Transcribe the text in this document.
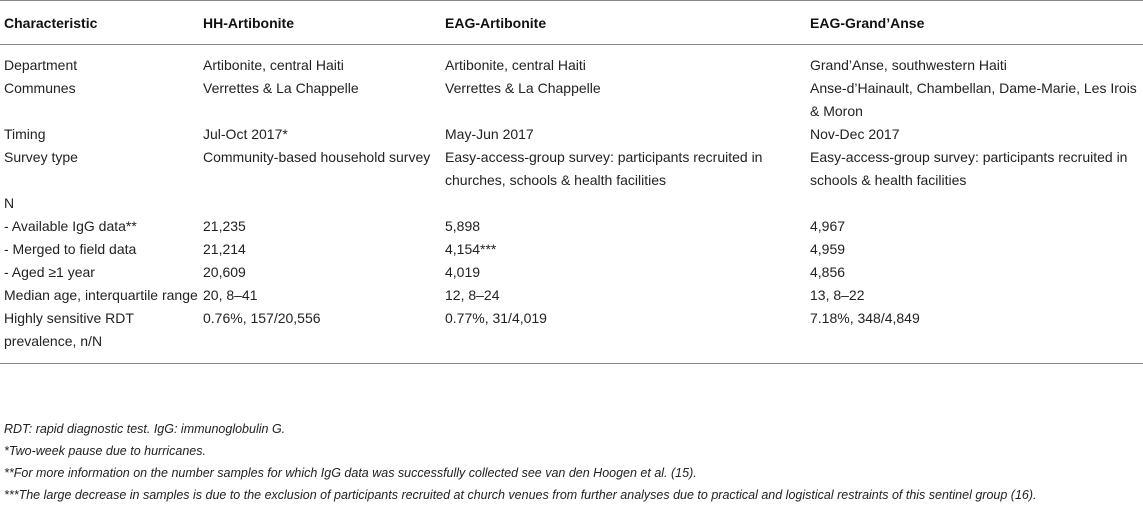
Characteristic	HH-Artibonite	EAG-Artibonite	EAG-Grand’Anse
Department	Artibonite, central Haiti	Artibonite, central Haiti	Grand’Anse, southwestern Haiti
Communes	Verrettes & La Chappelle	Verrettes & La Chappelle	Anse-d’Hainault, Chambellan, Dame-Marie, Les Irois & Moron
Timing	Jul-Oct 2017*	May-Jun 2017	Nov-Dec 2017
Survey type	Community-based household survey	Easy-access-group survey: participants recruited in churches, schools & health facilities	Easy-access-group survey: participants recruited in schools & health facilities
N			
- Available IgG data**	21,235	5,898	4,967
- Merged to field data	21,214	4,154***	4,959
- Aged ≥1 year	20,609	4,019	4,856
Median age, interquartile range	20, 8–41	12, 8–24	13, 8–22
Highly sensitive RDT prevalence, n/N	0.76%, 157/20,556	0.77%, 31/4,019	7.18%, 348/4,849
RDT: rapid diagnostic test. IgG: immunoglobulin G.
*Two-week pause due to hurricanes.
**For more information on the number samples for which IgG data was successfully collected see van den Hoogen et al. (15).
***The large decrease in samples is due to the exclusion of participants recruited at church venues from further analyses due to practical and logistical restraints of this sentinel group (16).
